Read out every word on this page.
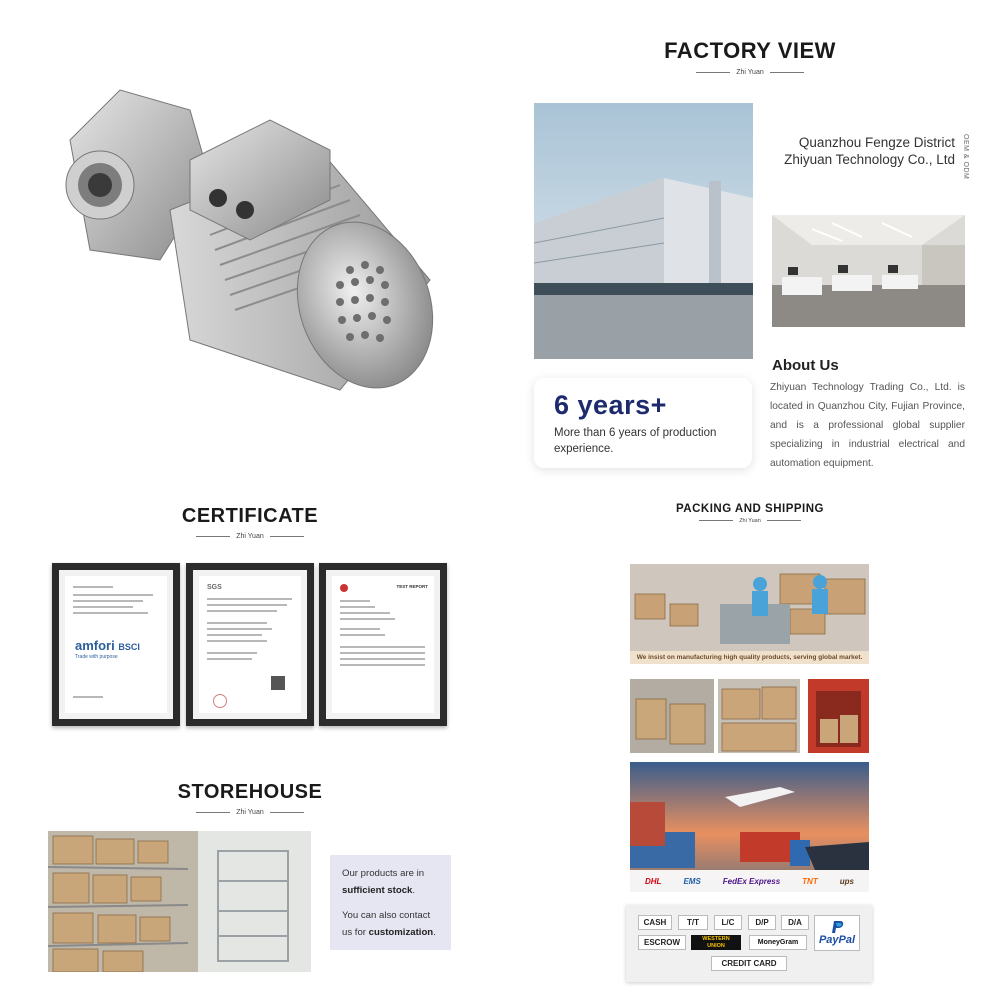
FACTORY VIEW
Zhi Yuan
Quanzhou Fengze District
Zhiyuan Technology Co., Ltd	OEM & ODM
6 years+
More than 6 years of production experience.
About Us
Zhiyuan Technology Trading Co., Ltd. is located in Quanzhou City, Fujian Province, and is a professional global supplier specializing in industrial electrical and automation equipment.
CERTIFICATE
Zhi Yuan
amfori BSCI
Trade with purpose
SGS	TEST REPORT
STOREHOUSE
Zhi Yuan
Our products are in sufficient stock.
You can also contact us for customization.
PACKING AND SHIPPING
Zhi Yuan
We insist on manufacturing high quality products, serving global market.
DHL	EMS	FedEx Express	TNT	ups
CASH	T/T	L/C	D/P	D/A
ESCROW	WESTERN
UNION	MoneyGram	PayPal
CREDIT CARD
